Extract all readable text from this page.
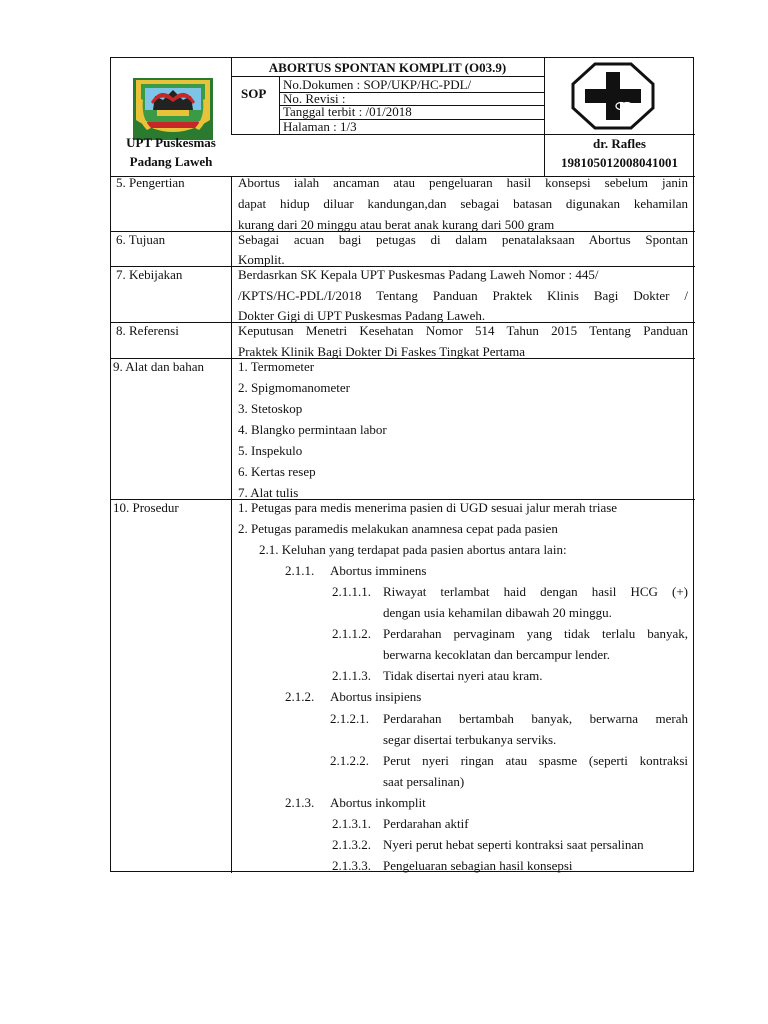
ABORTUS SPONTAN KOMPLIT (O03.9)
SOP
No.Dokumen : SOP/UKP/HC-PDL/
No. Revisi :
Tanggal terbit : /01/2018
Halaman : 1/3
UPT Puskesmas
Padang Laweh
dr. Rafles
198105012008041001
5. Pengertian	Abortus ialah ancaman atau pengeluaran hasil konsepsi sebelum janin
dapat hidup diluar kandungan,dan sebagai batasan digunakan kehamilan
kurang dari 20 minggu atau berat anak kurang dari 500 gram
6. Tujuan	Sebagai acuan bagi petugas di dalam penatalaksaan Abortus Spontan
Komplit.
7. Kebijakan	Berdasrkan SK Kepala UPT Puskesmas Padang Laweh Nomor : 445/
/KPTS/HC-PDL/I/2018 Tentang Panduan Praktek Klinis Bagi Dokter /
Dokter Gigi di UPT Puskesmas Padang Laweh.
8. Referensi	Keputusan Menetri Kesehatan Nomor 514 Tahun 2015 Tentang Panduan
Praktek Klinik Bagi Dokter Di Faskes Tingkat Pertama
9. Alat dan bahan	1. Termometer
2. Spigmomanometer
3. Stetoskop
4. Blangko permintaan labor
5. Inspekulo
6. Kertas resep
7. Alat tulis
10. Prosedur	1. Petugas para medis menerima pasien di UGD sesuai jalur merah triase
2. Petugas paramedis melakukan anamnesa cepat pada pasien
2.1. Keluhan yang terdapat pada pasien abortus antara lain:
2.1.1. Abortus imminens
2.1.1.1. Riwayat terlambat haid dengan hasil HCG (+)
dengan usia kehamilan dibawah 20 minggu.
2.1.1.2. Perdarahan pervaginam yang tidak terlalu banyak,
berwarna kecoklatan dan bercampur lender.
2.1.1.3. Tidak disertai nyeri atau kram.
2.1.2. Abortus insipiens
2.1.2.1. Perdarahan bertambah banyak, berwarna merah
segar disertai terbukanya serviks.
2.1.2.2. Perut nyeri ringan atau spasme (seperti kontraksi
saat persalinan)
2.1.3. Abortus inkomplit
2.1.3.1. Perdarahan aktif
2.1.3.2. Nyeri perut hebat seperti kontraksi saat persalinan
2.1.3.3. Pengeluaran sebagian hasil konsepsi
